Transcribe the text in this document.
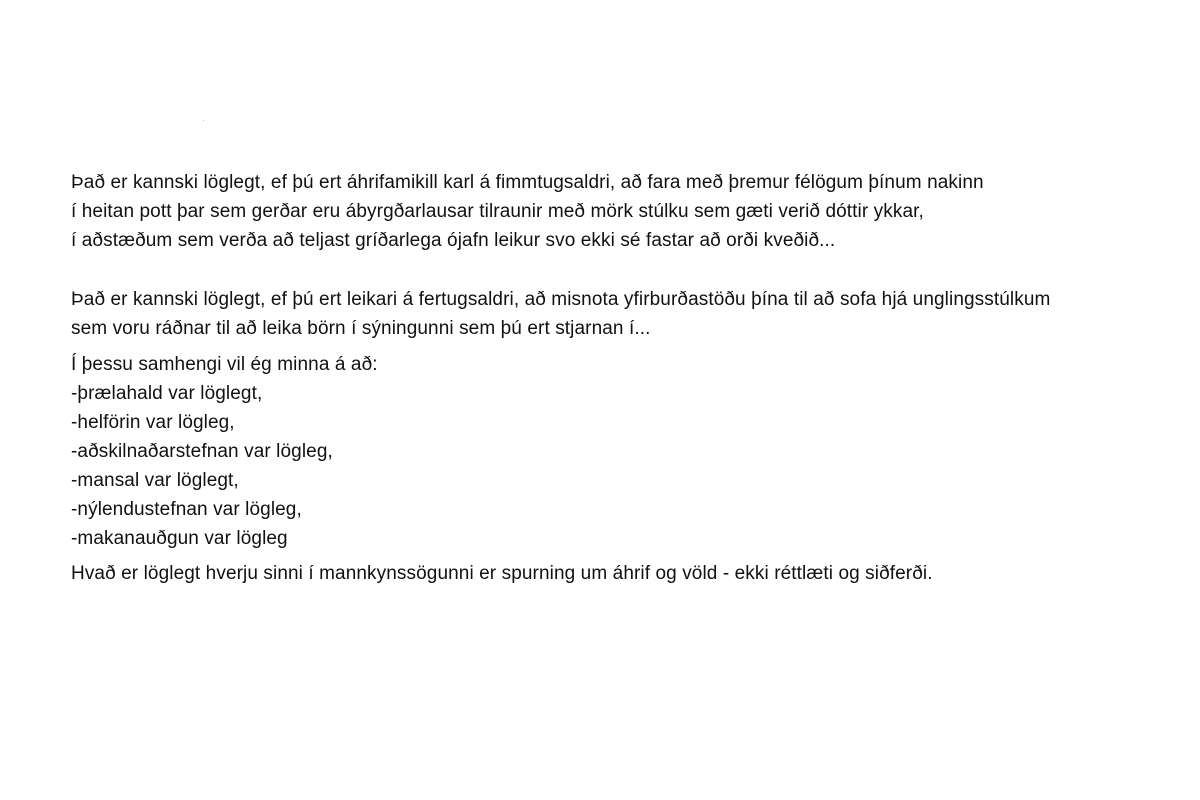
Það er kannski löglegt, ef þú ert áhrifamikill karl á fimmtugsaldri, að fara með þremur félögum þínum nakinn
í heitan pott þar sem gerðar eru ábyrgðarlausar tilraunir með mörk stúlku sem gæti verið dóttir ykkar,
í aðstæðum sem verða að teljast gríðarlega ójafn leikur svo ekki sé fastar að orði kveðið...

Það er kannski löglegt, ef þú ert leikari á fertugsaldri, að misnota yfirburðastöðu þína til að sofa hjá unglingsstúlkum
sem voru ráðnar til að leika börn í sýningunni sem þú ert stjarnan í...

Í þessu samhengi vil ég minna á að:
-þrælahald var löglegt,
-helförin var lögleg,
-aðskilnaðarstefnan var lögleg,
-mansal var löglegt,
-nýlendustefnan var lögleg,
-makanauðgun var lögleg

Hvað er löglegt hverju sinni í mannkynssögunni er spurning um áhrif og völd - ekki réttlæti og siðferði.
